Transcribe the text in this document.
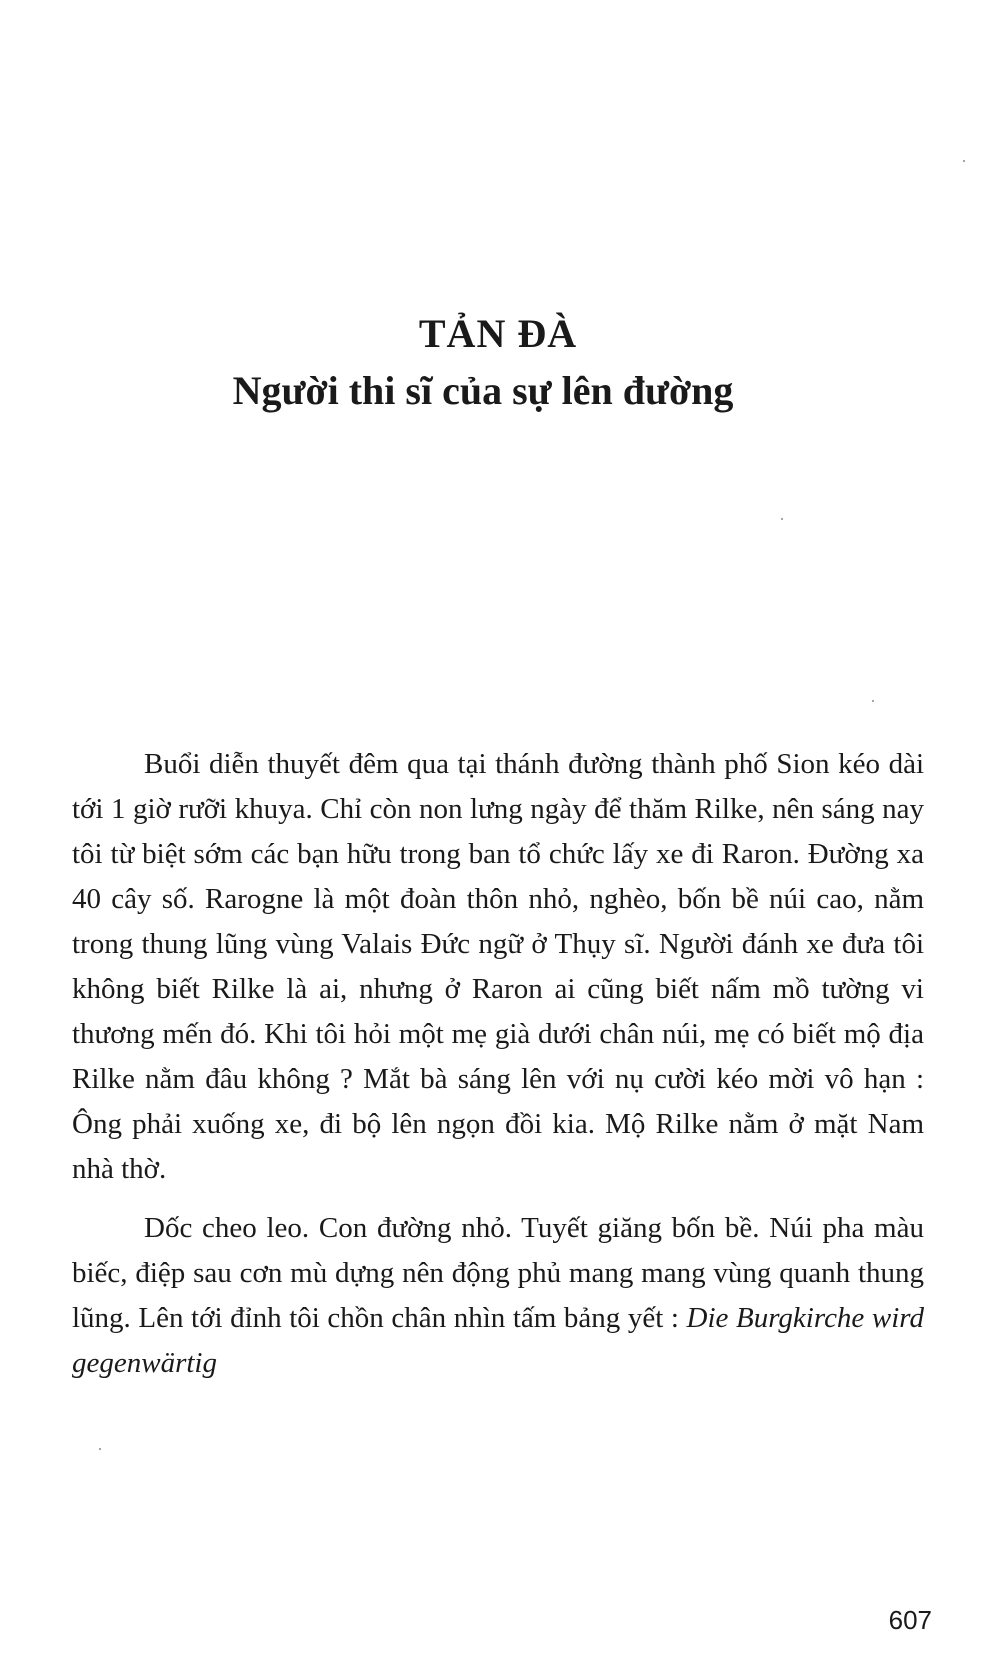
TẢN ĐÀ
Người thi sĩ của sự lên đường

Buổi diễn thuyết đêm qua tại thánh đường thành phố Sion kéo dài tới 1 giờ rưỡi khuya. Chỉ còn non lưng ngày để thăm Rilke, nên sáng nay tôi từ biệt sớm các bạn hữu trong ban tổ chức lấy xe đi Raron. Đường xa 40 cây số. Rarogne là một đoàn thôn nhỏ, nghèo, bốn bề núi cao, nằm trong thung lũng vùng Valais Đức ngữ ở Thụy sĩ. Người đánh xe đưa tôi không biết Rilke là ai, nhưng ở Raron ai cũng biết nấm mồ tường vi thương mến đó. Khi tôi hỏi một mẹ già dưới chân núi, mẹ có biết mộ địa Rilke nằm đâu không ? Mắt bà sáng lên với nụ cười kéo mời vô hạn : Ông phải xuống xe, đi bộ lên ngọn đồi kia. Mộ Rilke nằm ở mặt Nam nhà thờ.

Dốc cheo leo. Con đường nhỏ. Tuyết giăng bốn bề. Núi pha màu biếc, điệp sau cơn mù dựng nên động phủ mang mang vùng quanh thung lũng. Lên tới đỉnh tôi chồn chân nhìn tấm bảng yết : Die Burgkirche wird gegenwärtig

607
